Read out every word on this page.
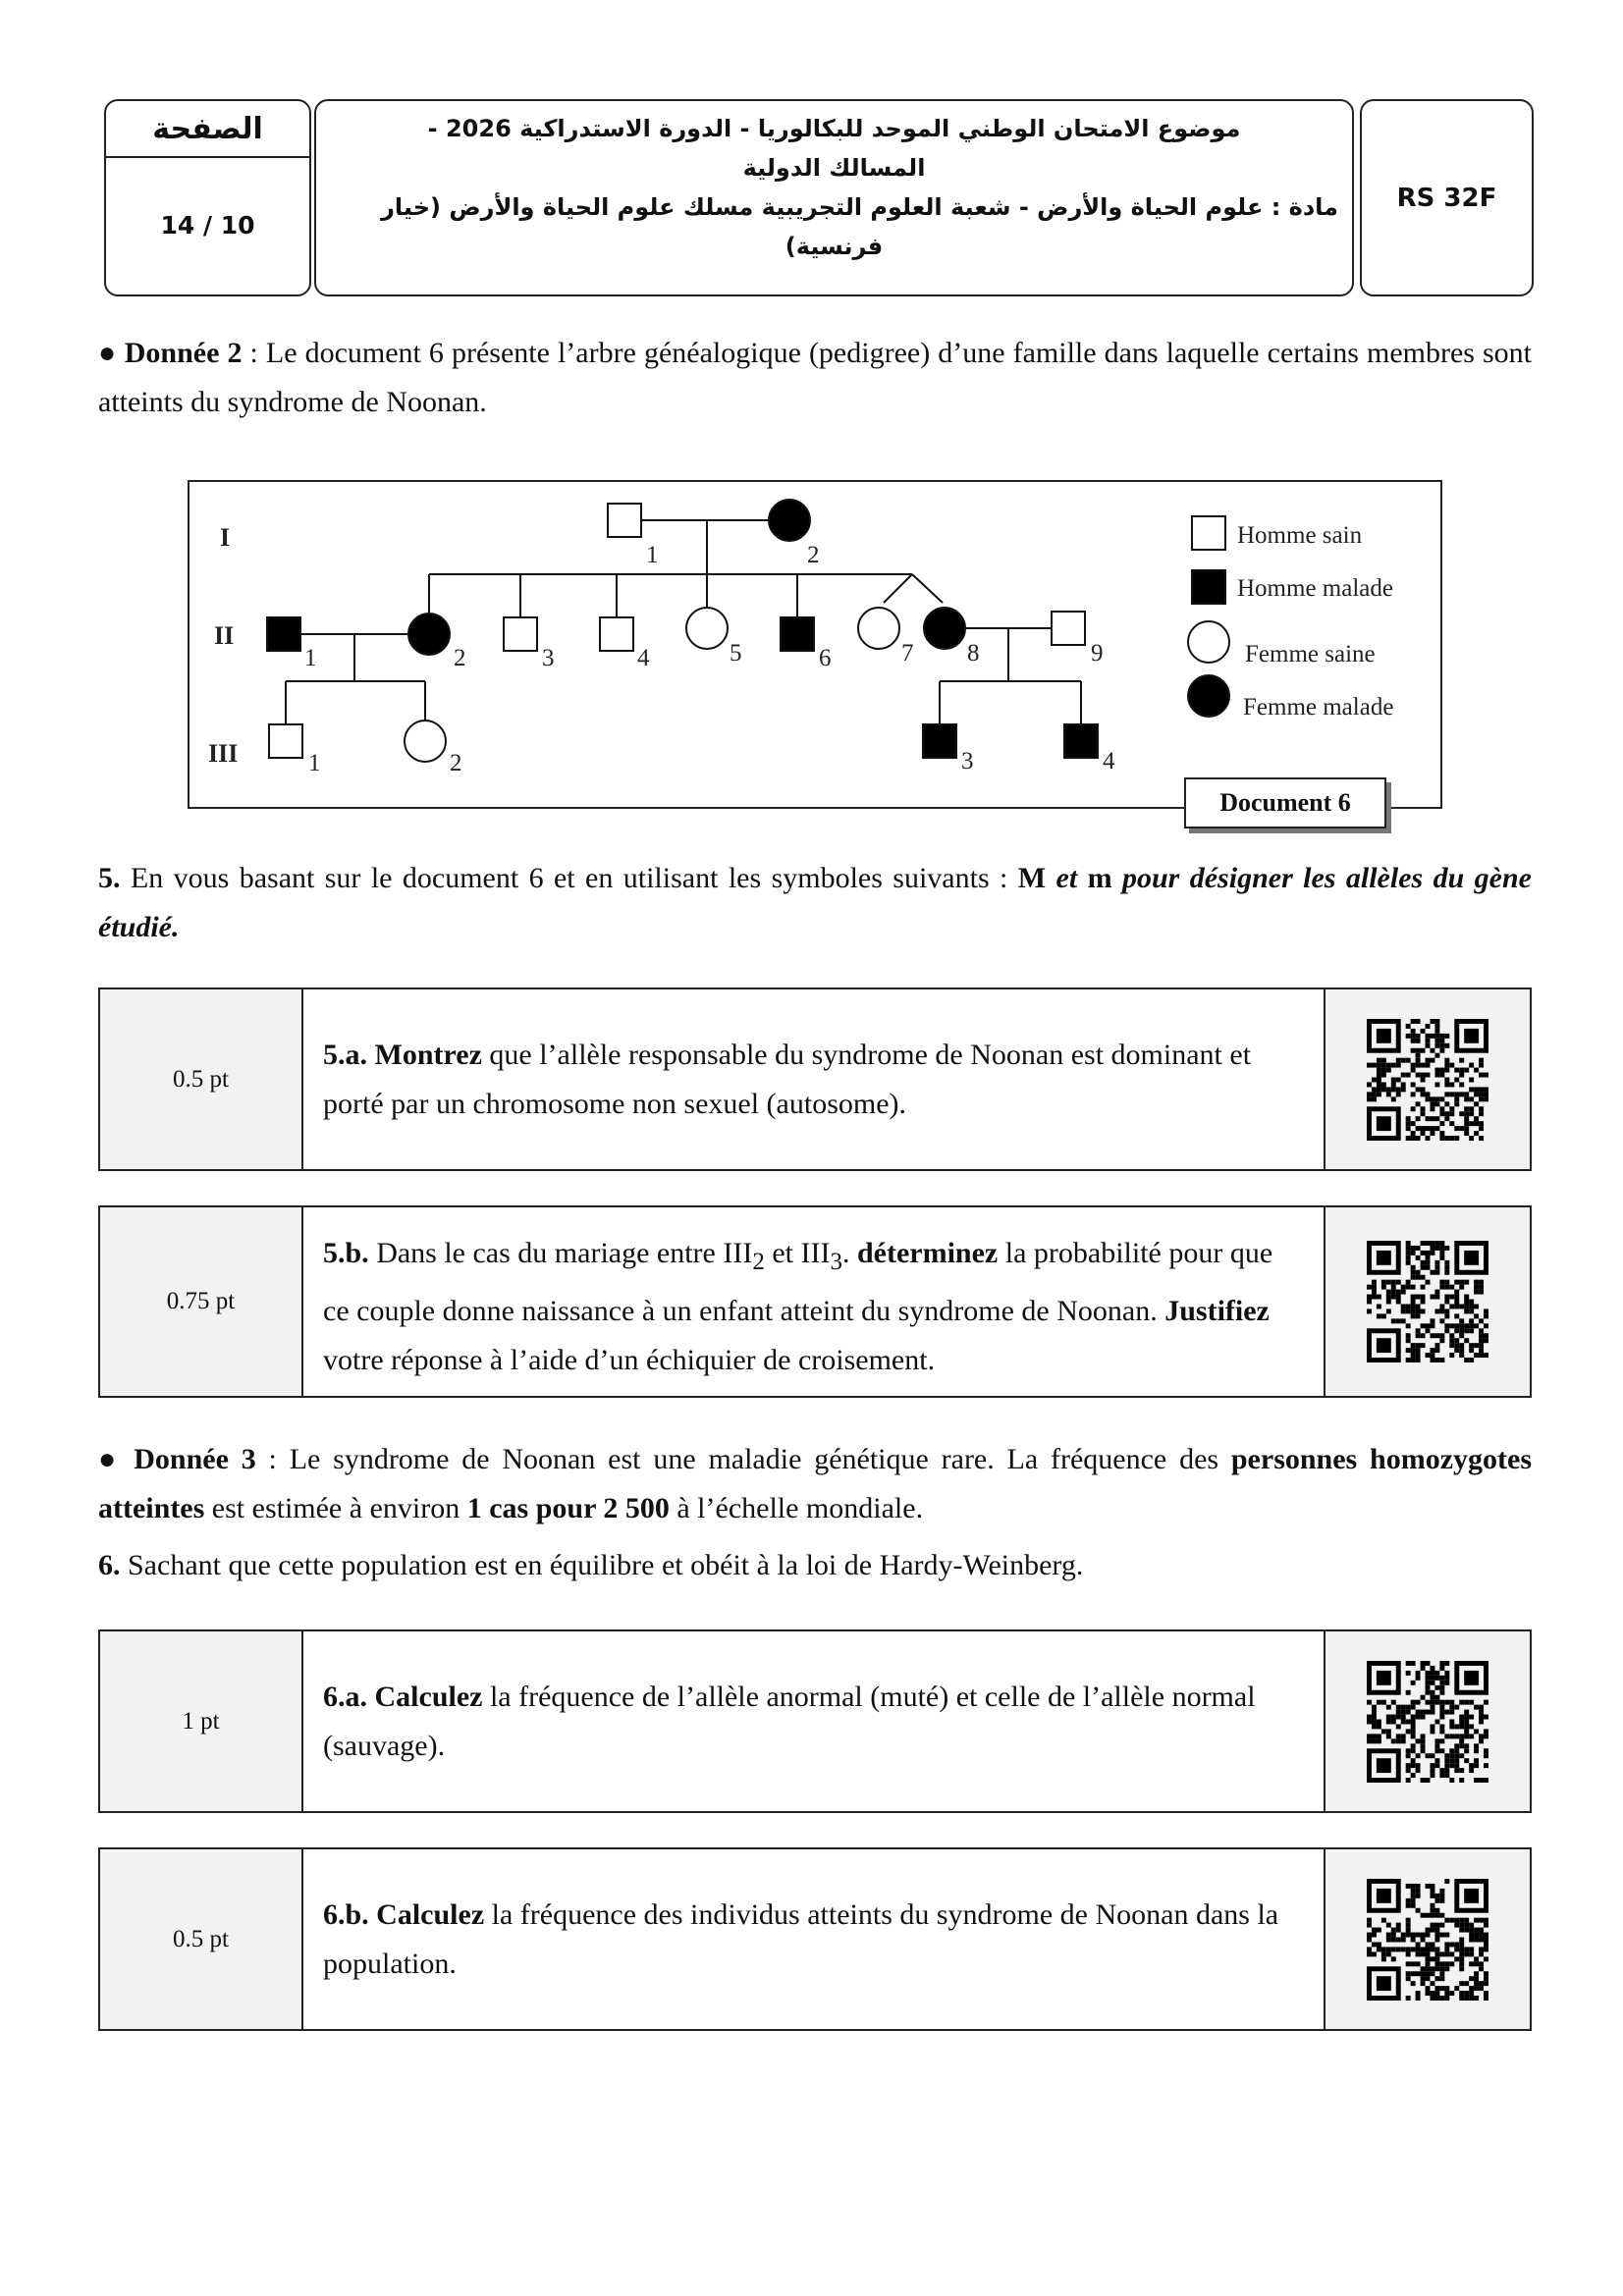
الصفحة
14 / 10
موضوع الامتحان الوطني الموحد للبكالوريا - الدورة الاستدراكية 2026 -
المسالك الدولية
مادة : علوم الحياة والأرض - شعبة العلوم التجريبية مسلك علوم الحياة والأرض (خيار
فرنسية)
RS 32F
● Donnée 2 : Le document 6 présente l’arbre généalogique (pedigree) d’une famille dans laquelle certains membres sont atteints du syndrome de Noonan.
I
II
III
1	2
1	2	3	4	5	6	7 8	9
1	2	3	4
Homme sain
Homme malade
Femme saine
Femme malade
Document 6
5. En vous basant sur le document 6 et en utilisant les symboles suivants : M et m pour désigner les allèles du gène étudié.
0.5 pt
5.a. Montrez que l’allèle responsable du syndrome de Noonan est dominant et porté par un chromosome non sexuel (autosome).
0.75 pt
5.b. Dans le cas du mariage entre $III_2$ et $III_3$. déterminez la probabilité pour que ce couple donne naissance à un enfant atteint du syndrome de Noonan. Justifiez votre réponse à l’aide d’un échiquier de croisement.
● Donnée 3 : Le syndrome de Noonan est une maladie génétique rare. La fréquence des personnes homozygotes atteintes est estimée à environ 1 cas pour 2 500 à l’échelle mondiale.
6. Sachant que cette population est en équilibre et obéit à la loi de Hardy-Weinberg.
1 pt
6.a. Calculez la fréquence de l’allèle anormal (muté) et celle de l’allèle normal (sauvage).
0.5 pt
6.b. Calculez la fréquence des individus atteints du syndrome de Noonan dans la population.
